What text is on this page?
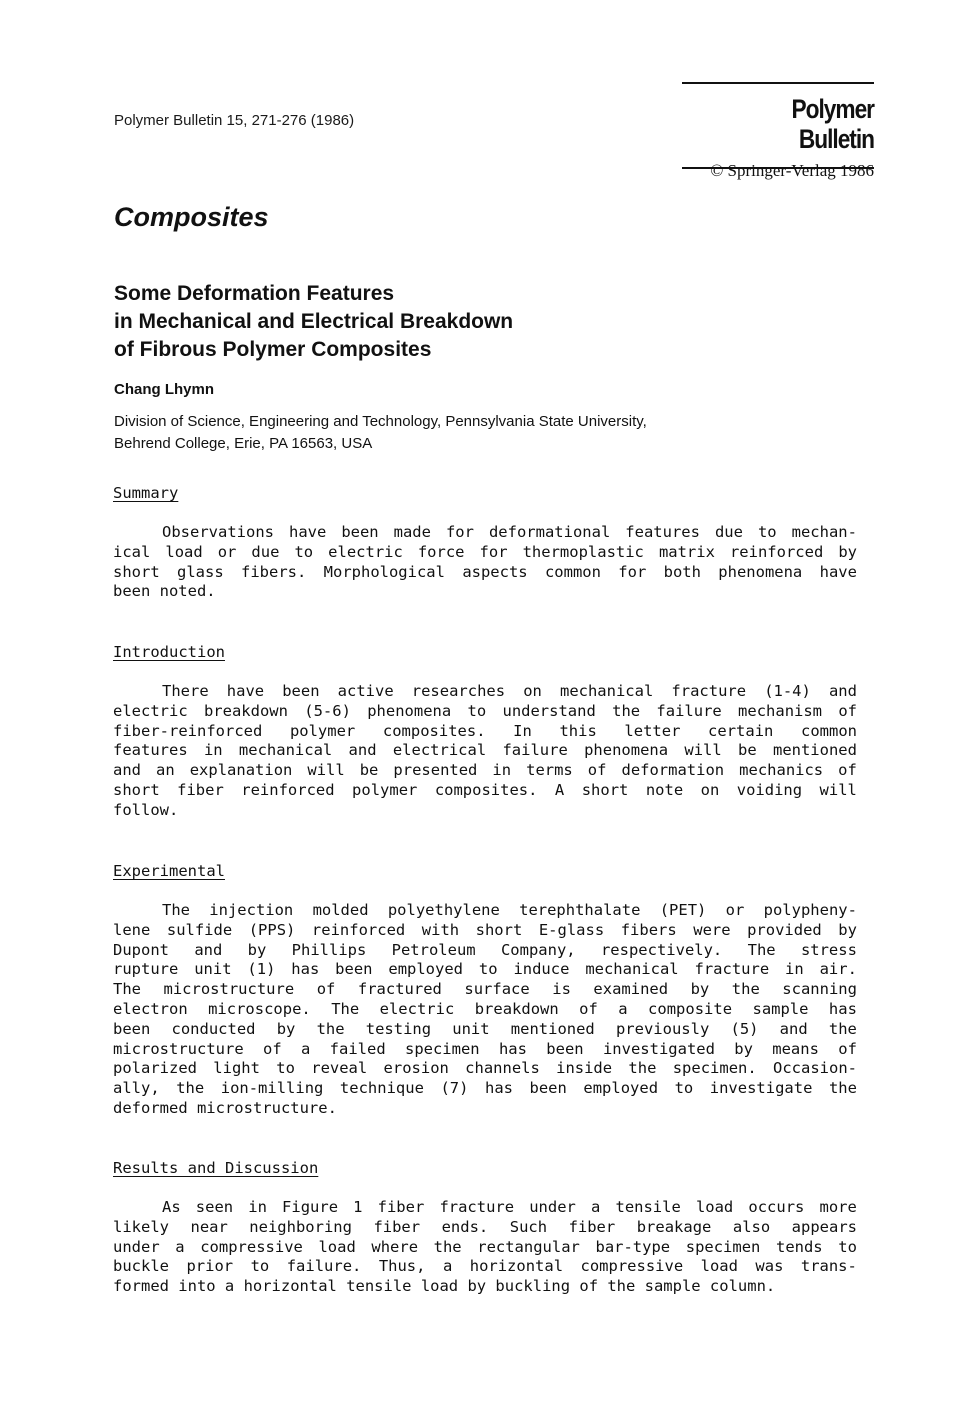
Polymer Bulletin 15, 271-276 (1986)	Polymer Bulletin
© Springer-Verlag 1986
Composites
Some Deformation Features
in Mechanical and Electrical Breakdown
of Fibrous Polymer Composites
Chang Lhymn
Division of Science, Engineering and Technology, Pennsylvania State University,
Behrend College, Erie, PA 16563, USA
Summary
Observations have been made for deformational features due to mechan-
ical load or due to electric force for thermoplastic matrix reinforced by
short glass fibers. Morphological aspects common for both phenomena have
been noted.
Introduction
There have been active researches on mechanical fracture (1-4) and
electric breakdown (5-6) phenomena to understand the failure mechanism of
fiber-reinforced polymer composites. In this letter certain common
features in mechanical and electrical failure phenomena will be mentioned
and an explanation will be presented in terms of deformation mechanics of
short fiber reinforced polymer composites. A short note on voiding will
follow.
Experimental
The injection molded polyethylene terephthalate (PET) or polypheny-
lene sulfide (PPS) reinforced with short E-glass fibers were provided by
Dupont and by Phillips Petroleum Company, respectively. The stress
rupture unit (1) has been employed to induce mechanical fracture in air.
The microstructure of fractured surface is examined by the scanning
electron microscope. The electric breakdown of a composite sample has
been conducted by the testing unit mentioned previously (5) and the
microstructure of a failed specimen has been investigated by means of
polarized light to reveal erosion channels inside the specimen. Occasion-
ally, the ion-milling technique (7) has been employed to investigate the
deformed microstructure.
Results and Discussion
As seen in Figure 1 fiber fracture under a tensile load occurs more
likely near neighboring fiber ends. Such fiber breakage also appears
under a compressive load where the rectangular bar-type specimen tends to
buckle prior to failure. Thus, a horizontal compressive load was trans-
formed into a horizontal tensile load by buckling of the sample column.
